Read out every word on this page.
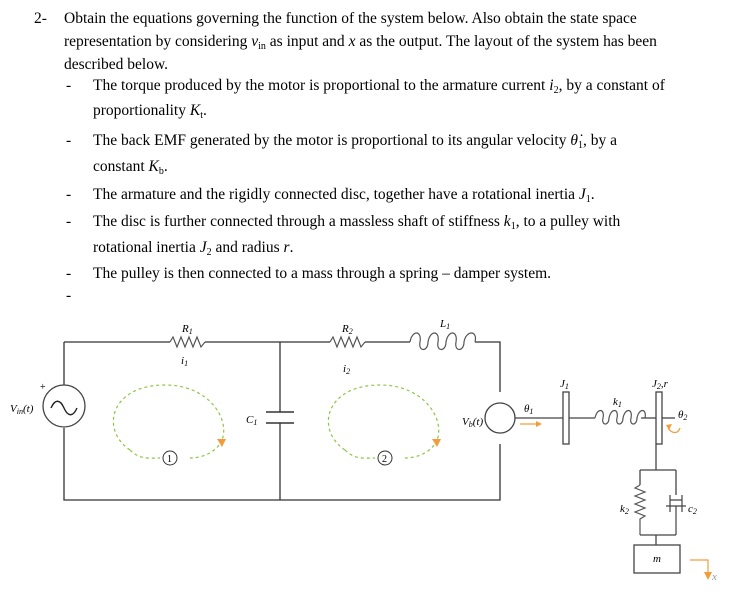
2- Obtain the equations governing the function of the system below. Also obtain the state space
representation by considering $v_{in}$ as input and x as the output. The layout of the system has been
described below.
- The torque produced by the motor is proportional to the armature current $i_2$, by a constant of
proportionality $K_t$.
- The back EMF generated by the motor is proportional to its angular velocity $\thetȧ_1$, by a
constant $K_b$.
- The armature and the rigidly connected disc, together have a rotational inertia $J_1$.
- The disc is further connected through a massless shaft of stiffness $k_1$, to a pulley with
rotational inertia $J_2$ and radius r.
- The pulley is then connected to a mass through a spring – damper system.
-
+
Vin(t)
R1
i1
R2
i2
L1
C1
1	2
Vb(t)
θ1
J1
k1
J2,r
θ2
k2	c2
m
x
